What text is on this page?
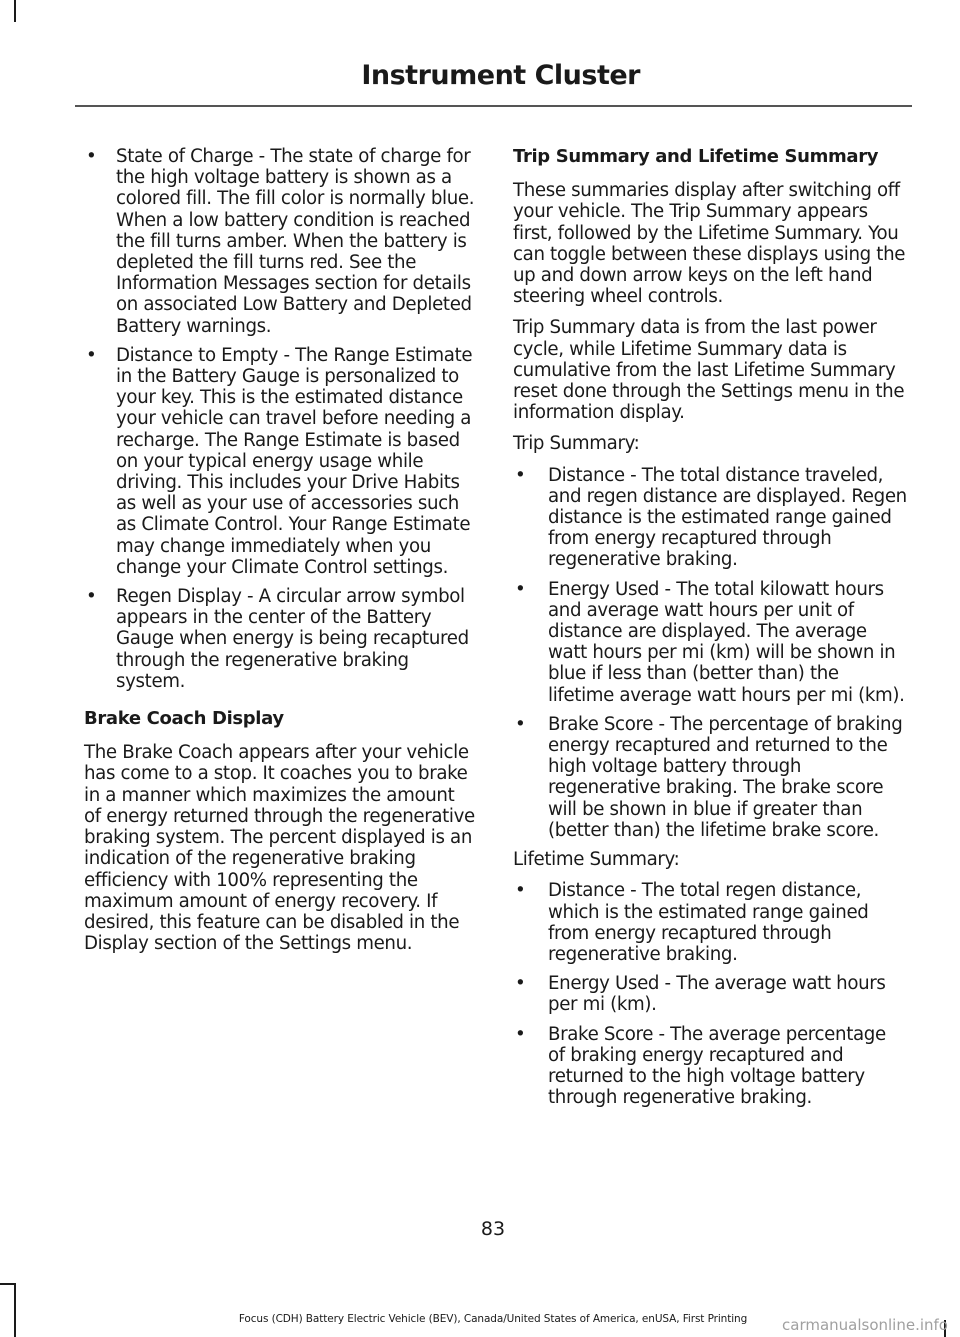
Instrument Cluster
• State of Charge - The state of charge for the high voltage battery is shown as a colored fill. The fill color is normally blue. When a low battery condition is reached the fill turns amber. When the battery is depleted the fill turns red. See the Information Messages section for details on associated Low Battery and Depleted Battery warnings.
• Distance to Empty - The Range Estimate in the Battery Gauge is personalized to your key. This is the estimated distance your vehicle can travel before needing a recharge. The Range Estimate is based on your typical energy usage while driving. This includes your Drive Habits as well as your use of accessories such as Climate Control. Your Range Estimate may change immediately when you change your Climate Control settings.
• Regen Display - A circular arrow symbol appears in the center of the Battery Gauge when energy is being recaptured through the regenerative braking system.
Brake Coach Display

The Brake Coach appears after your vehicle has come to a stop. It coaches you to brake in a manner which maximizes the amount of energy returned through the regenerative braking system. The percent displayed is an indication of the regenerative braking efficiency with 100% representing the maximum amount of energy recovery. If desired, this feature can be disabled in the Display section of the Settings menu.

Trip Summary and Lifetime Summary

These summaries display after switching off your vehicle. The Trip Summary appears first, followed by the Lifetime Summary. You can toggle between these displays using the up and down arrow keys on the left hand steering wheel controls.

Trip Summary data is from the last power cycle, while Lifetime Summary data is cumulative from the last Lifetime Summary reset done through the Settings menu in the information display.

Trip Summary:

• Distance - The total distance traveled, and regen distance are displayed. Regen distance is the estimated range gained from energy recaptured through regenerative braking.
• Energy Used - The total kilowatt hours and average watt hours per unit of distance are displayed. The average watt hours per mi (km) will be shown in blue if less than (better than) the lifetime average watt hours per mi (km).
• Brake Score - The percentage of braking energy recaptured and returned to the high voltage battery through regenerative braking. The brake score will be shown in blue if greater than (better than) the lifetime brake score.

Lifetime Summary:

• Distance - The total regen distance, which is the estimated range gained from energy recaptured through regenerative braking.
• Energy Used - The average watt hours per mi (km).
• Brake Score - The average percentage of braking energy recaptured and returned to the high voltage battery through regenerative braking.
83
Focus (CDH) Battery Electric Vehicle (BEV), Canada/United States of America, enUSA, First Printing	carmanualsonline.info
